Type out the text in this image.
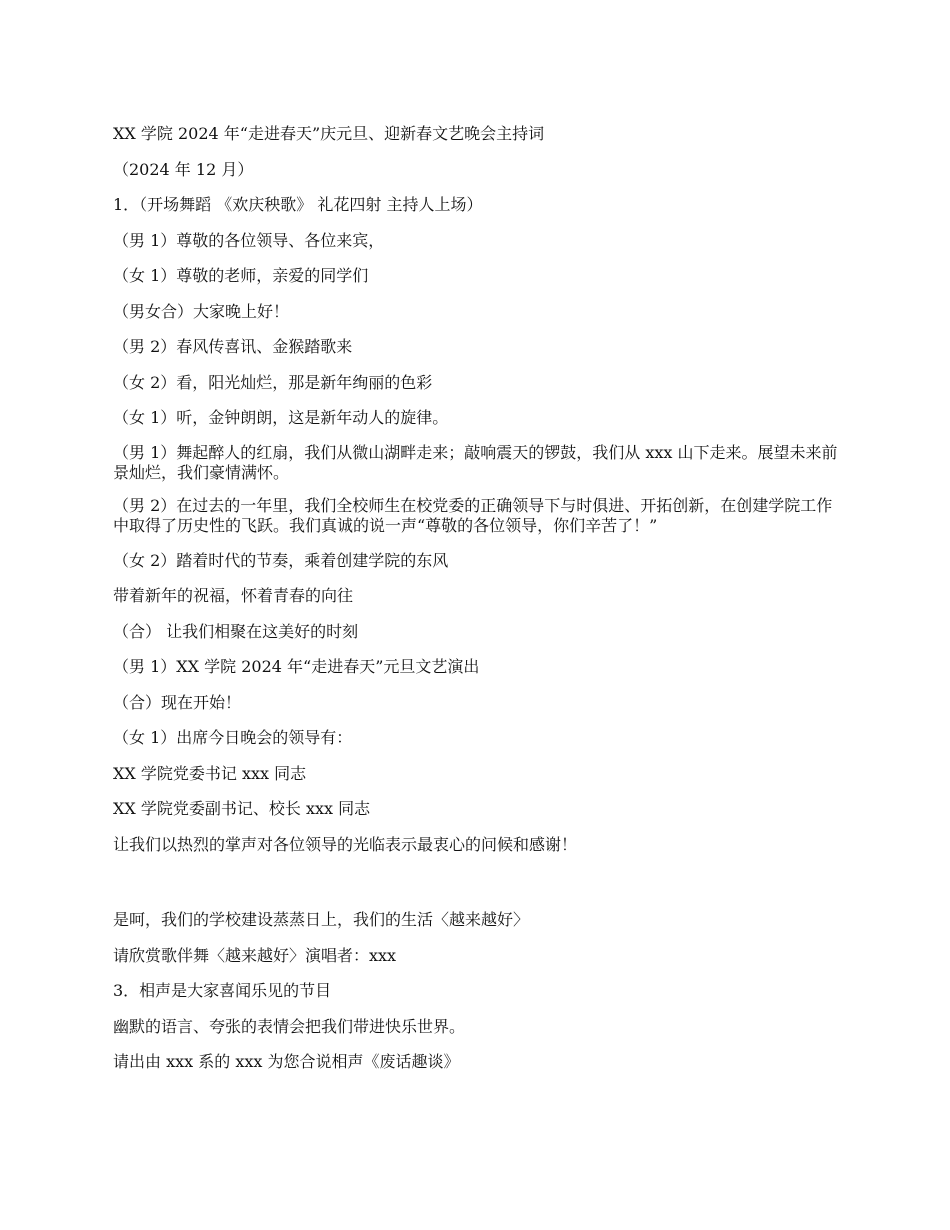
XX 学院 2024 年“走进春天”庆元旦、迎新春文艺晚会主持词
（2024 年 12 月）
1．（开场舞蹈 《欢庆秧歌》 礼花四射 主持人上场）
（男 1）尊敬的各位领导、各位来宾，
（女 1）尊敬的老师，亲爱的同学们
（男女合）大家晚上好！
（男 2）春风传喜讯、金猴踏歌来
（女 2）看，阳光灿烂，那是新年绚丽的色彩
（女 1）听，金钟朗朗，这是新年动人的旋律。
（男 1）舞起醉人的红扇，我们从微山湖畔走来；敲响震天的锣鼓，我们从 xxx 山下走来。展望未来前景灿烂，我们豪情满怀。
（男 2）在过去的一年里，我们全校师生在校党委的正确领导下与时俱进、开拓创新，在创建学院工作中取得了历史性的飞跃。我们真诚的说一声“尊敬的各位领导，你们辛苦了！”
（女 2）踏着时代的节奏，乘着创建学院的东风
带着新年的祝福，怀着青春的向往
（合） 让我们相聚在这美好的时刻
（男 1）XX 学院 2024 年“走进春天”元旦文艺演出
（合）现在开始！
（女 1）出席今日晚会的领导有：
XX 学院党委书记 xxx 同志
XX 学院党委副书记、校长 xxx 同志
让我们以热烈的掌声对各位领导的光临表示最衷心的问候和感谢！
是呵，我们的学校建设蒸蒸日上，我们的生活〈越来越好〉
请欣赏歌伴舞〈越来越好〉演唱者：xxx
3．相声是大家喜闻乐见的节目
幽默的语言、夸张的表情会把我们带进快乐世界。
请出由 xxx 系的 xxx 为您合说相声《废话趣谈》
